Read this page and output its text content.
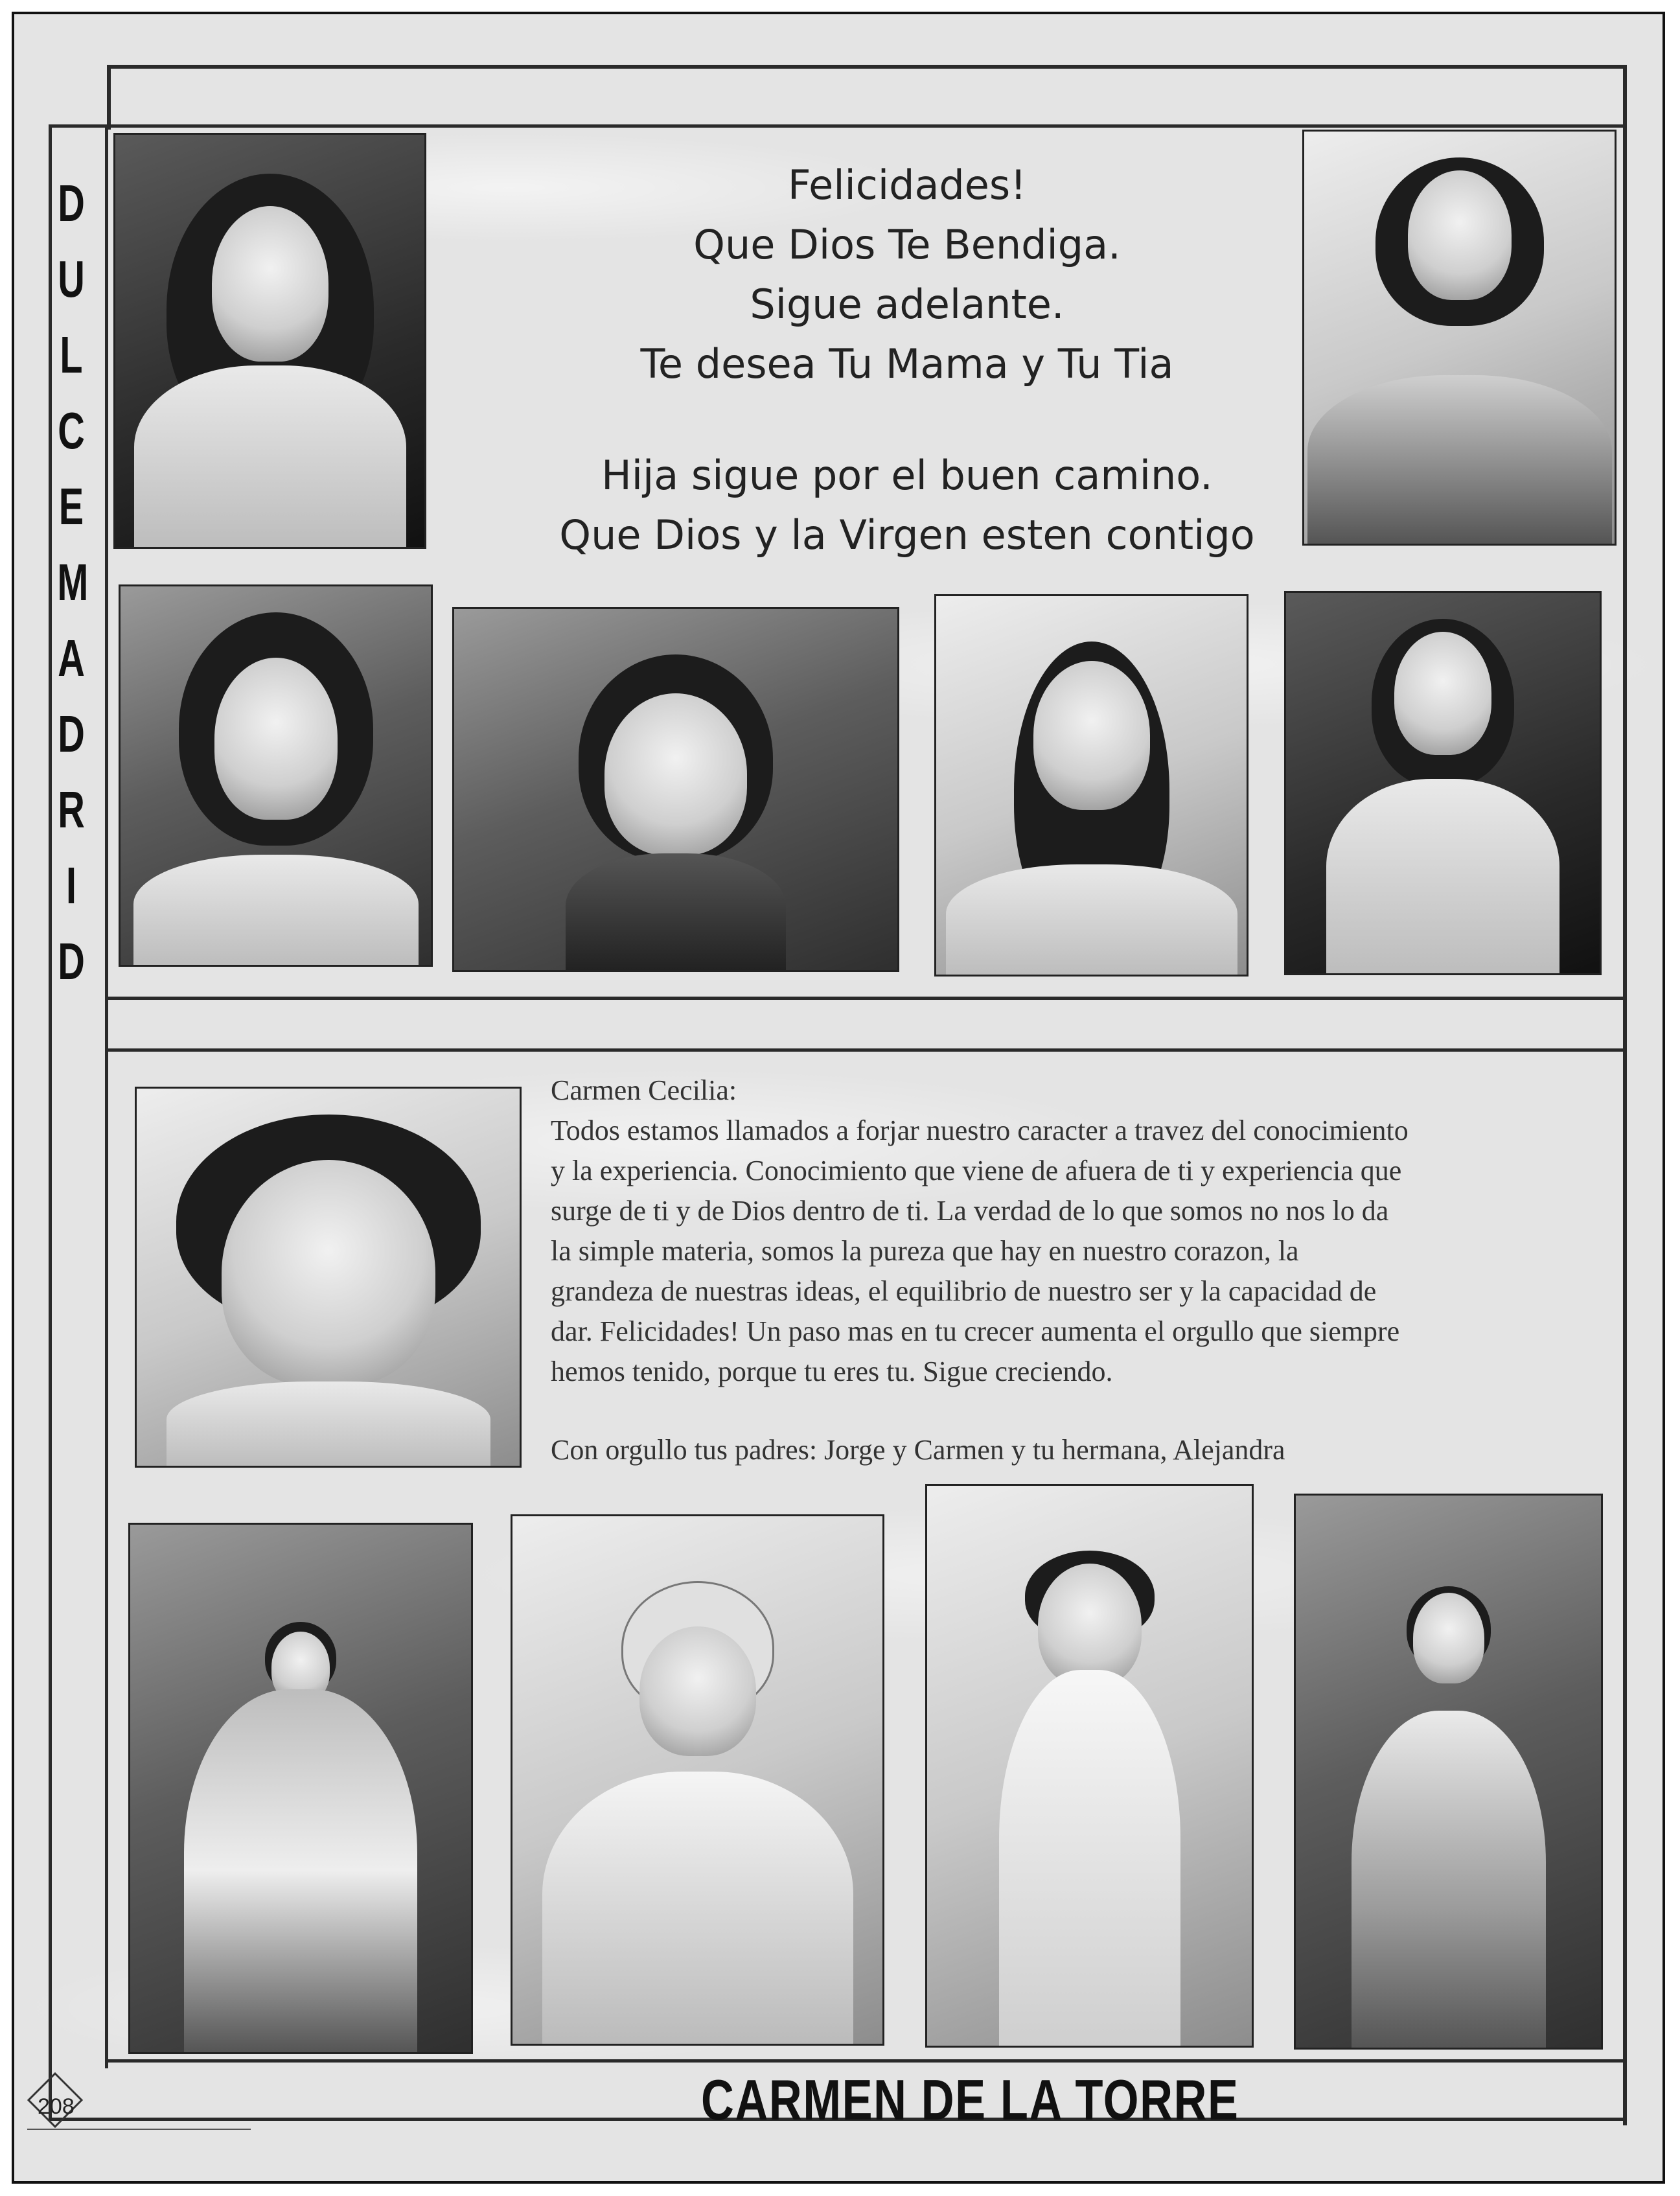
D
U
L
C
E
M
A
D
R
I
D
Felicidades!
Que Dios Te Bendiga.
Sigue adelante.
Te desea Tu Mama y Tu Tia
Hija sigue por el buen camino.
Que Dios y la Virgen esten contigo
Carmen Cecilia:
Todos estamos llamados a forjar nuestro caracter a travez del conocimiento
y la experiencia. Conocimiento que viene de afuera de ti y experiencia que
surge de ti y de Dios dentro de ti. La verdad de lo que somos no nos lo da
la simple materia, somos la pureza que hay en nuestro corazon, la
grandeza de nuestras ideas, el equilibrio de nuestro ser y la capacidad de
dar. Felicidades! Un paso mas en tu crecer aumenta el orgullo que siempre
hemos tenido, porque tu eres tu. Sigue creciendo.
Con orgullo tus padres: Jorge y Carmen y tu hermana, Alejandra
208	CARMEN DE LA TORRE
